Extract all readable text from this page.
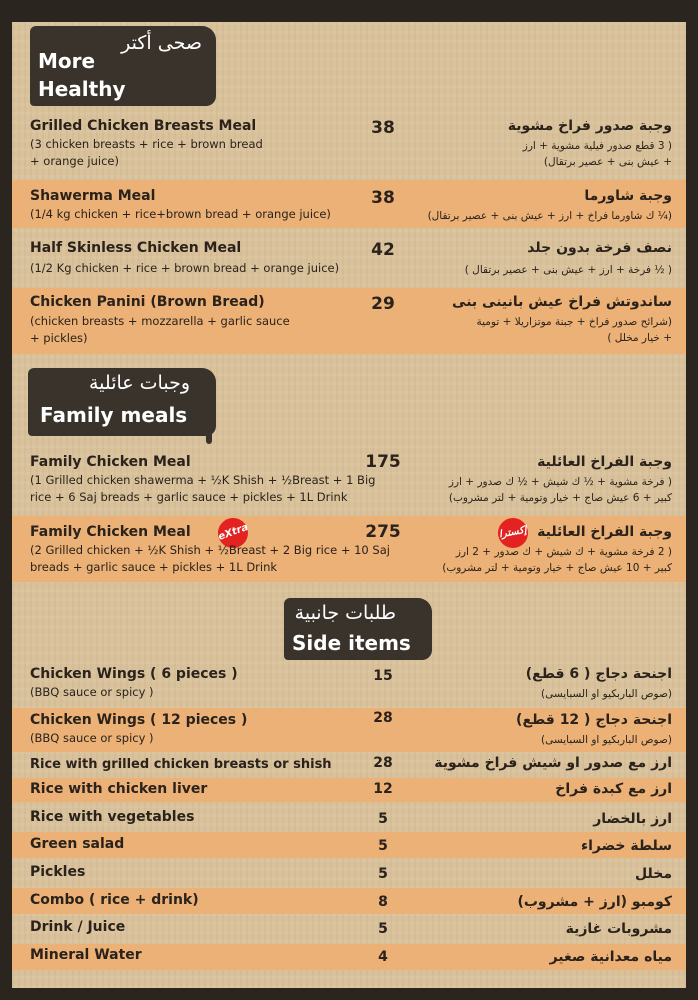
صحى أكتر
More
Healthy
Grilled Chicken Breasts Meal
(3 chicken breasts + rice + brown bread
+ orange juice)
38	وجبة صدور فراخ مشوية
( 3 قطع صدور فيلية مشوية + ارز
+ عيش بنى + عصير برتقال)
Shawerma Meal
(1/4 kg chicken + rice+brown bread + orange juice)
38	وجبة شاورما
(¼ ك شاورما فراخ + ارز + عيش بنى + عصير برتقال)
Half Skinless Chicken Meal
(1/2 Kg chicken + rice + brown bread + orange juice)
42	نصف فرخة بدون جلد
( ½ فرخة + ارز + عيش بنى + عصير برتقال )
Chicken Panini (Brown Bread)
(chicken breasts + mozzarella + garlic sauce
+ pickles)
29	ساندوتش فراخ عيش بانينى بنى
(شرائح صدور فراخ + جبنة موتزاريلا + تومية
+ خيار مخلل )
وجبات عائلية
Family meals
Family Chicken Meal
(1 Grilled chicken shawerma + ½K Shish + ½Breast + 1 Big
rice + 6 Saj breads + garlic sauce + pickles + 1L Drink
175	وجبة الفراخ العائلية
( فرخة مشوية + ½ ك شيش + ½ ك صدور + ارز
كبير + 6 عيش صاج + خيار وتومية + لتر مشروب)
Family Chicken Meal	eXtra
(2 Grilled chicken + ½K Shish + ½Breast + 2 Big rice + 10 Saj
breads + garlic sauce + pickles + 1L Drink
275	إكسترا وجبة الفراخ العائلية
( 2 فرخة مشوية + ك شيش + ك صدور + 2 ارز
كبير + 10 عيش صاج + خيار وتومية + لتر مشروب)
طلبات جانبية
Side items
Chicken Wings ( 6 pieces )
(BBQ sauce or spicy )
15	اجنحة دجاج ( 6 قطع)
(صوص الباربكيو او السبايسى)
Chicken Wings ( 12 pieces )
(BBQ sauce or spicy )
28	اجنحة دجاج ( 12 قطع)
(صوص الباربكيو او السبايسى)
Rice with grilled chicken breasts or shish	28	ارز مع صدور او شيش فراخ مشوية
Rice with chicken liver	12	ارز مع كبدة فراخ
Rice with vegetables	5	ارز بالخضار
Green salad	5	سلطة خضراء
Pickles	5	مخلل
Combo ( rice + drink)	8	كومبو (ارز + مشروب)
Drink / Juice	5	مشروبات غازية
Mineral Water	4	مياه معدانية صغير
